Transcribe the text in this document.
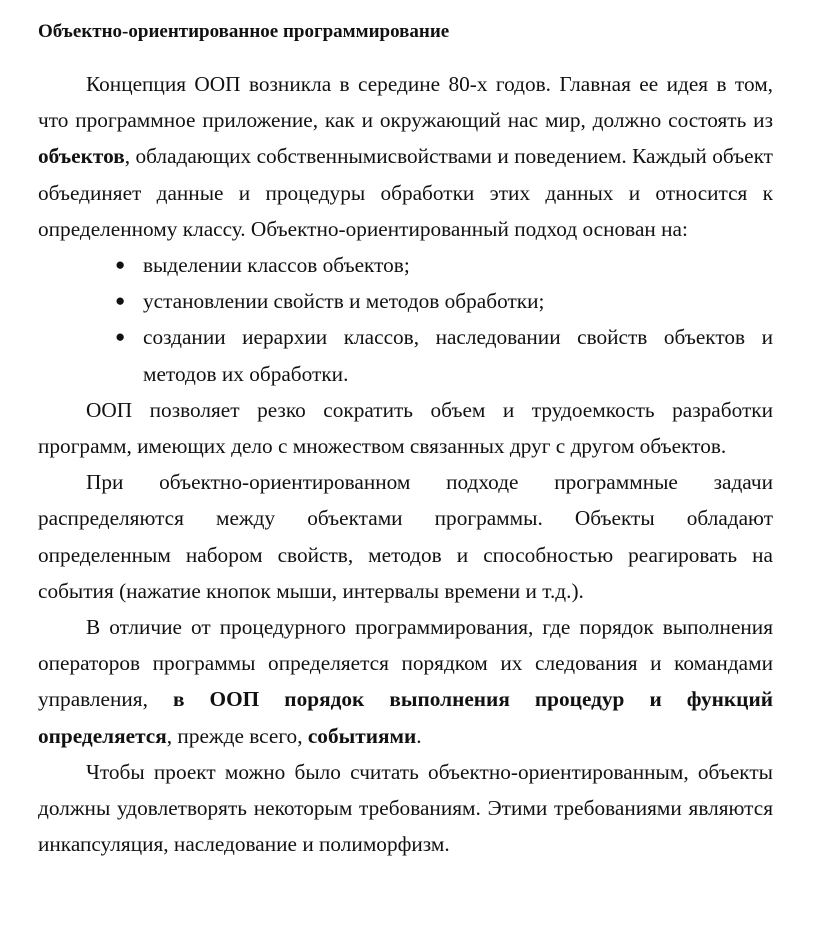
Объектно-ориентированное программирование

Концепция ООП возникла в середине 80-х годов. Главная ее идея в том, что программное приложение, как и окружающий нас мир, должно состоять из объектов, обладающих собственнымисвойствами и поведением. Каждый объект объединяет данные и процедуры обработки этих данных и относится к определенному классу. Объектно-ориентированный подход основан на:

● выделении классов объектов;
● установлении свойств и методов обработки;
● создании иерархии классов, наследовании свойств объектов и методов их обработки.

ООП позволяет резко сократить объем и трудоемкость разработки программ, имеющих дело с множеством связанных друг с другом объектов.

При объектно-ориентированном подходе программные задачи распределяются между объектами программы. Объекты обладают определенным набором свойств, методов и способностью реагировать на события (нажатие кнопок мыши, интервалы времени и т.д.).

В отличие от процедурного программирования, где порядок выполнения операторов программы определяется порядком их следования и командами управления, в ООП порядок выполнения процедур и функций определяется, прежде всего, событиями.

Чтобы проект можно было считать объектно-ориентированным, объекты должны удовлетворять некоторым требованиям. Этими требованиями являются инкапсуляция, наследование и полиморфизм.
